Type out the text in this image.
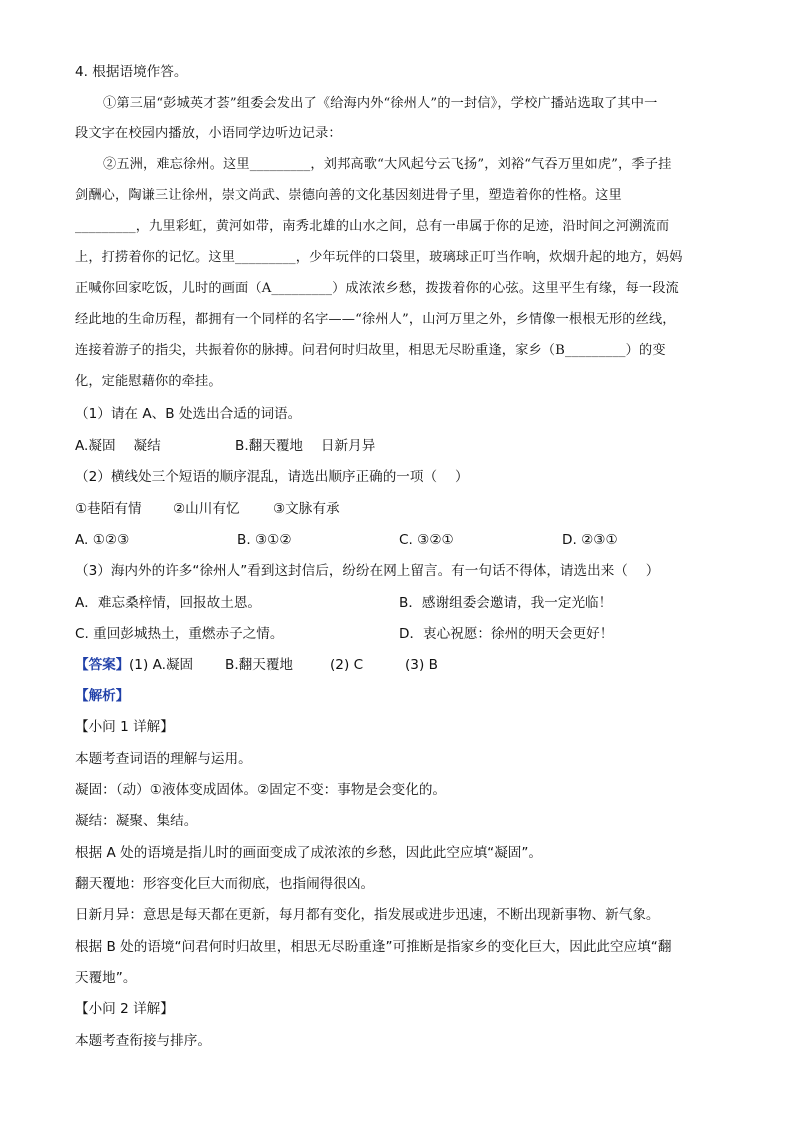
4. 根据语境作答。
①第三届“彭城英才荟”组委会发出了《给海内外“徐州人”的一封信》，学校广播站选取了其中一
段文字在校园内播放，小语同学边听边记录：
②五洲，难忘徐州。这里_________，刘邦高歌“大风起兮云飞扬”，刘裕“气吞万里如虎”，季子挂
剑酬心，陶谦三让徐州，崇文尚武、崇德向善的文化基因刻进骨子里，塑造着你的性格。这里
_________，九里彩虹，黄河如带，南秀北雄的山水之间，总有一串属于你的足迹，沿时间之河溯流而
上，打捞着你的记忆。这里_________，少年玩伴的口袋里，玻璃球正叮当作响，炊烟升起的地方，妈妈
正喊你回家吃饭，儿时的画面（A_________）成浓浓乡愁，拨拨着你的心弦。这里平生有缘，每一段流
经此地的生命历程，都拥有一个同样的名字——“徐州人”，山河万里之外，乡情像一根根无形的丝线，
连接着游子的指尖，共振着你的脉搏。问君何时归故里，相思无尽盼重逢，家乡（B_________）的变
化，定能慰藉你的牵挂。
（1）请在 A、B 处选出合适的词语。
A.凝固　 凝结	B.翻天覆地　 日新月异
（2）横线处三个短语的顺序混乱，请选出顺序正确的一项（　 ）
①巷陌有情 ②山川有忆 ③文脉有承
A. ①②③	B. ③①②	C. ③②①	D. ②③①
（3）海内外的许多“徐州人”看到这封信后，纷纷在网上留言。有一句话不得体，请选出来（　 ）
A．难忘桑梓情，回报故土恩。	B．感谢组委会邀请，我一定光临！
C. 重回彭城热土，重燃赤子之情。	D．衷心祝愿：徐州的明天会更好！
【答案】 (1) A.凝固 B.翻天覆地	(2) C	(3) B
【解析】
【小问 1 详解】
本题考查词语的理解与运用。
凝固：（动）①液体变成固体。②固定不变：事物是会变化的。
凝结：凝聚、集结。
根据 A 处的语境是指儿时的画面变成了成浓浓的乡愁，因此此空应填“凝固”。
翻天覆地：形容变化巨大而彻底，也指闹得很凶。
日新月异：意思是每天都在更新，每月都有变化，指发展或进步迅速，不断出现新事物、新气象。
根据 B 处的语境“问君何时归故里，相思无尽盼重逢”可推断是指家乡的变化巨大，因此此空应填“翻
天覆地”。
【小问 2 详解】
本题考查衔接与排序。
